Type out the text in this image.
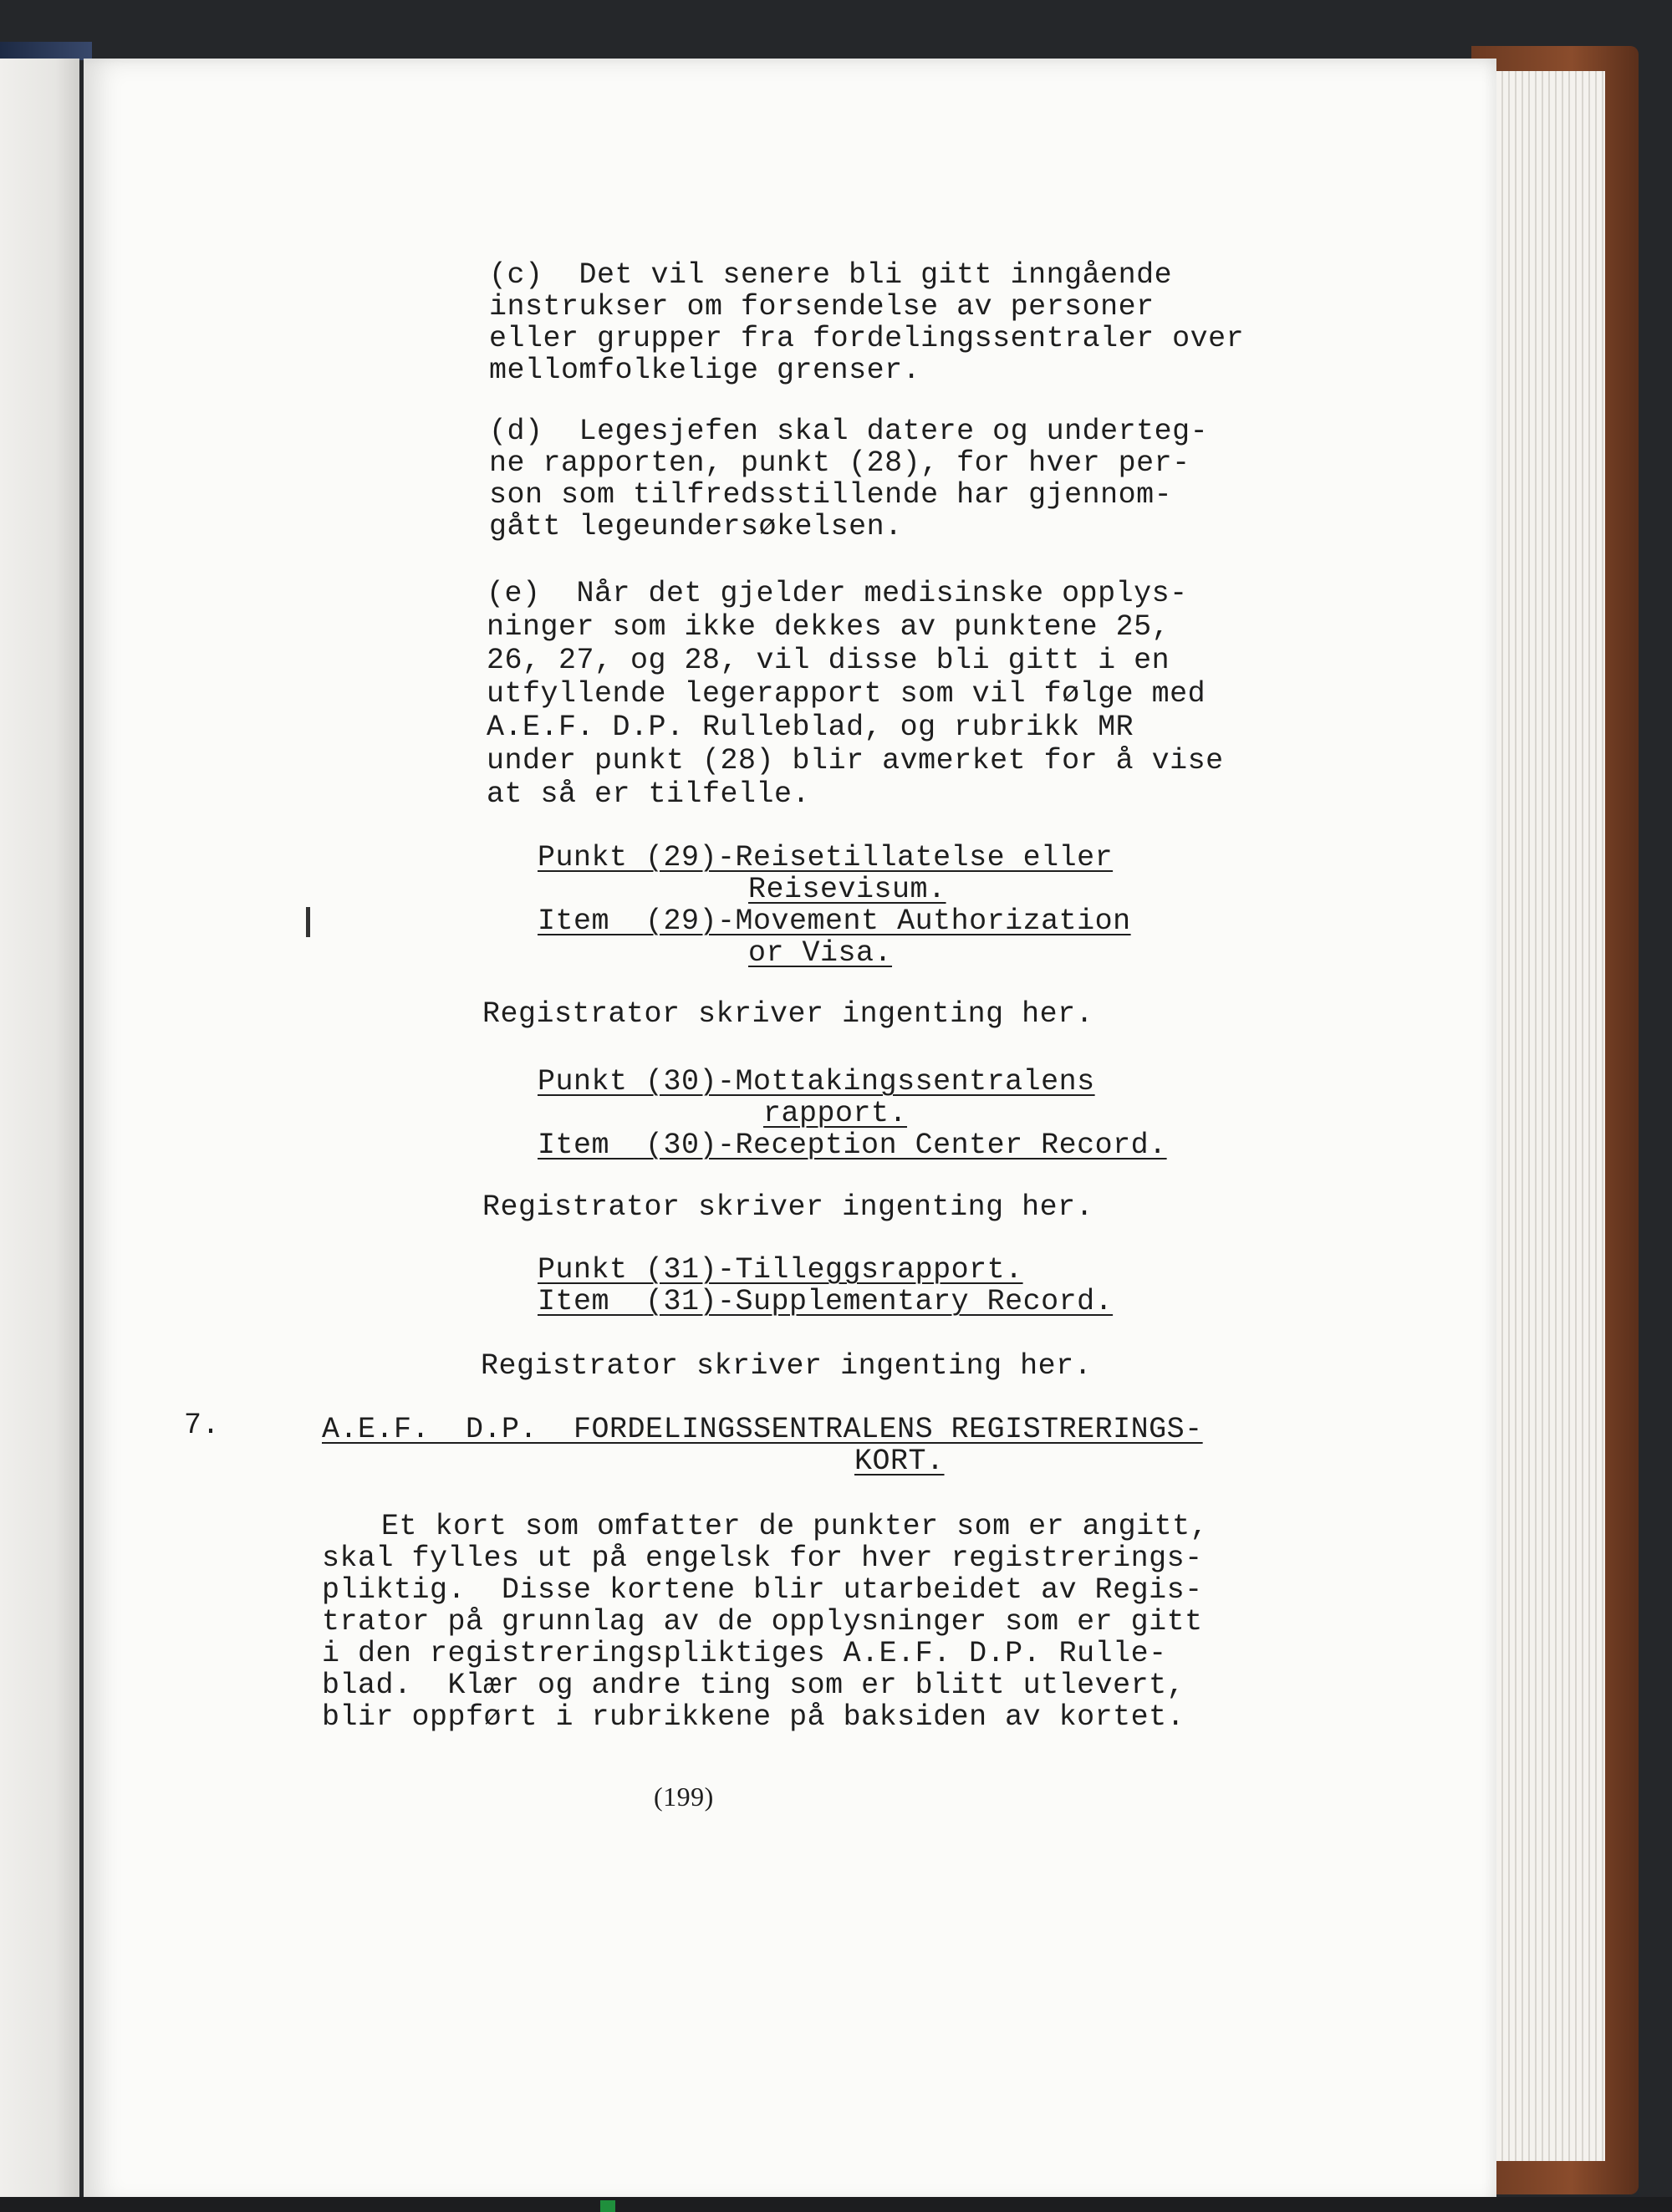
(c)  Det vil senere bli gitt inngående
instrukser om forsendelse av personer
eller grupper fra fordelingssentraler over
mellomfolkelige grenser.
(d)  Legesjefen skal datere og underteg-
ne rapporten, punkt (28), for hver per-
son som tilfredsstillende har gjennom-
gått legeundersøkelsen.
(e)  Når det gjelder medisinske opplys-
ninger som ikke dekkes av punktene 25,
26, 27, og 28, vil disse bli gitt i en
utfyllende legerapport som vil følge med
A.E.F. D.P. Rulleblad, og rubrikk MR
under punkt (28) blir avmerket for å vise
at så er tilfelle.
Punkt (29)-Reisetillatelse eller
Reisevisum.
Item  (29)-Movement Authorization
or Visa.
Registrator skriver ingenting her.
Punkt (30)-Mottakingssentralens
rapport.
Item  (30)-Reception Center Record.
Registrator skriver ingenting her.
Punkt (31)-Tilleggsrapport.
Item  (31)-Supplementary Record.
Registrator skriver ingenting her.
7.	A.E.F.  D.P.  FORDELINGSSENTRALENS REGISTRERINGS-
KORT.
Et kort som omfatter de punkter som er angitt,
skal fylles ut på engelsk for hver registrerings-
pliktig.  Disse kortene blir utarbeidet av Regis-
trator på grunnlag av de opplysninger som er gitt
i den registreringspliktiges A.E.F. D.P. Rulle-
blad.  Klær og andre ting som er blitt utlevert,
blir oppført i rubrikkene på baksiden av kortet.
(199)
